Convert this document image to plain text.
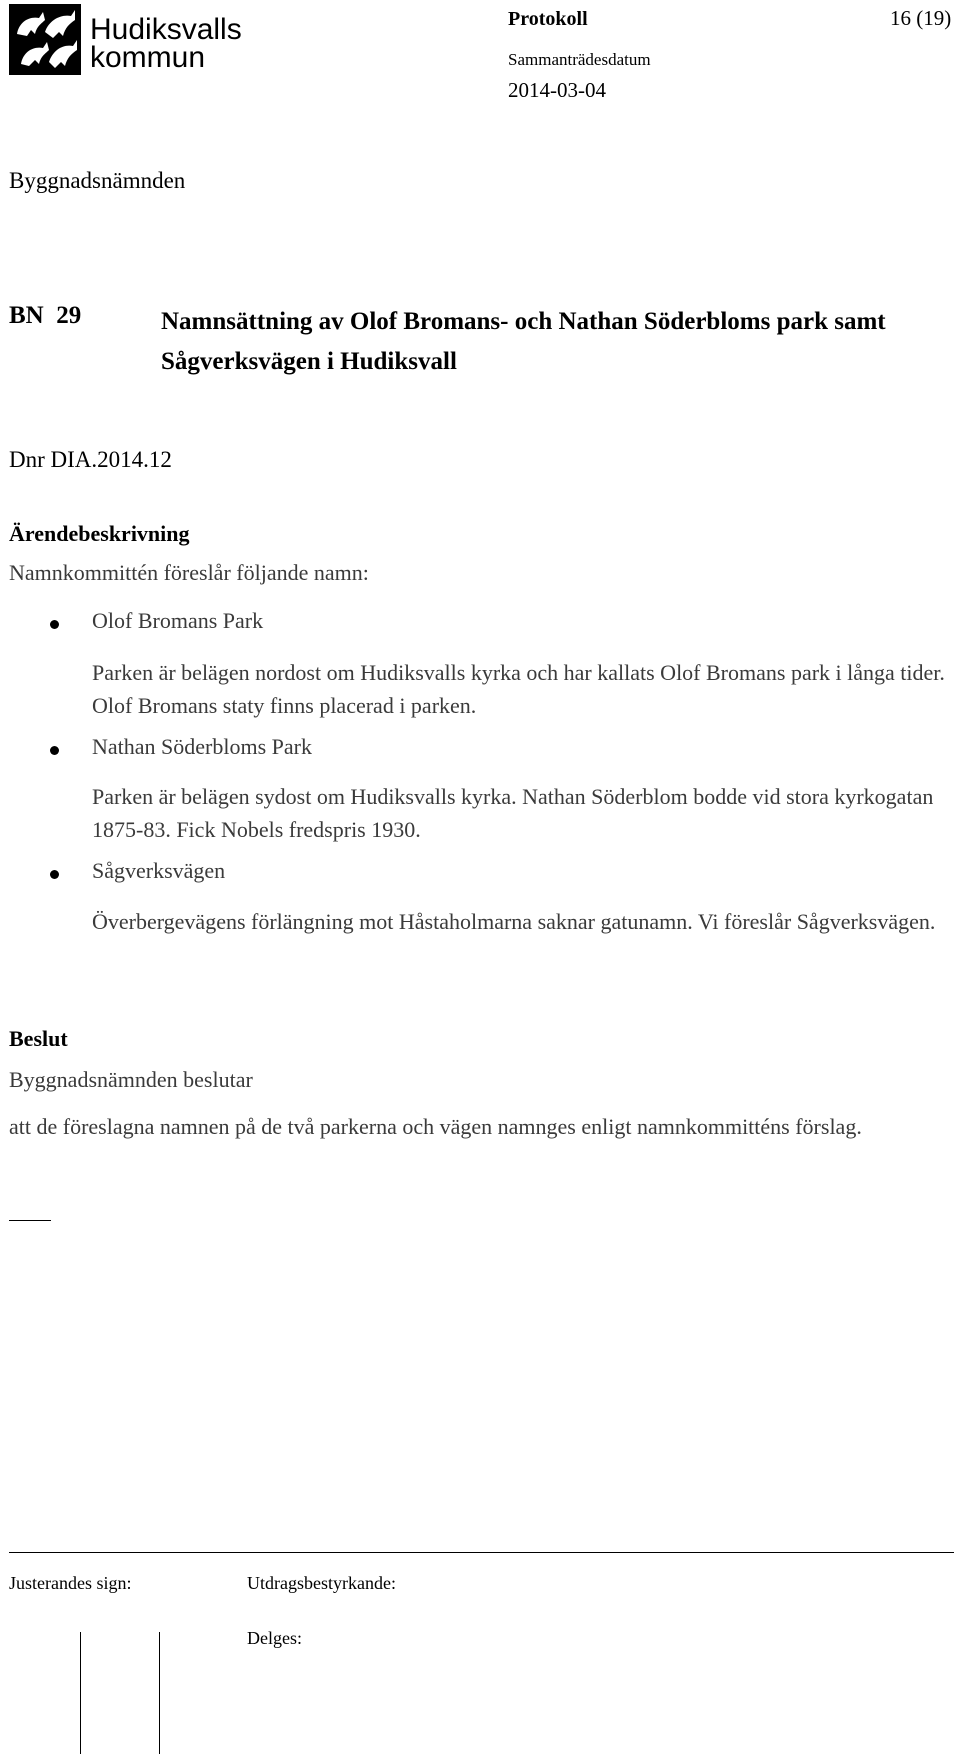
Hudiksvalls
kommun
Protokoll	16 (19)
Sammanträdesdatum
2014-03-04
Byggnadsnämnden
BN  29	Namnsättning av Olof Bromans- och Nathan Söderbloms park samt Sågverksvägen i Hudiksvall
Dnr DIA.2014.12
Ärendebeskrivning
Namnkommittén föreslår följande namn:
Olof Bromans Park
Parken är belägen nordost om Hudiksvalls kyrka och har kallats Olof Bromans park i långa tider. Olof Bromans staty finns placerad i parken.
Nathan Söderbloms Park
Parken är belägen sydost om Hudiksvalls kyrka. Nathan Söderblom bodde vid stora kyrkogatan 1875-83. Fick Nobels fredspris 1930.
Sågverksvägen
Överbergevägens förlängning mot Håstaholmarna saknar gatunamn. Vi föreslår Sågverksvägen.
Beslut
Byggnadsnämnden beslutar
att de föreslagna namnen på de två parkerna och vägen namnges enligt namnkommitténs förslag.
Justerandes sign:	Utdragsbestyrkande:
Delges:
